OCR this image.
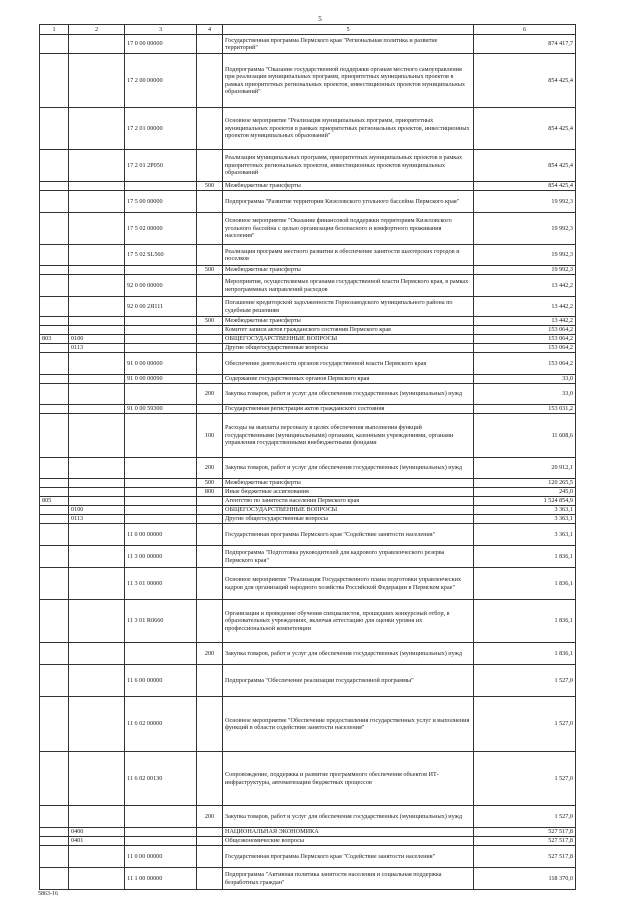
5
1	2	3	4	5	6
		17 0 00 00000		Государственная программа Пермского края "Региональная политика и развитие территорий"	874 417,7
		17 2 00 00000		Подпрограмма "Оказание государственной поддержки органам местного самоуправления при реализации муниципальных программ, приоритетных муниципальных проектов в рамках приоритетных региональных проектов, инвестиционных проектов муниципальных образований"	854 425,4
		17 2 01 00000		Основное мероприятие "Реализация муниципальных программ, приоритетных муниципальных проектов в рамках приоритетных региональных проектов, инвестиционных проектов муниципальных образований"	854 425,4
		17 2 01 2Р050		Реализация муниципальных программ, приоритетных муниципальных проектов в рамках приоритетных региональных проектов, инвестиционных проектов муниципальных образований	854 425,4
			500	Межбюджетные трансферты	854 425,4
		17 5 00 00000		Подпрограмма "Развитие территории Кизеловского угольного бассейна Пермского края"	19 992,3
		17 5 02 00000		Основное мероприятие "Оказание финансовой поддержки территориям Кизеловского угольного бассейна с целью организации безопасного и комфортного проживания населения"	19 992,3
		17 5 02 SL560		Реализация программ местного развития и обеспечение занятости шахтерских городов и поселков	19 992,3
			500	Межбюджетные трансферты	19 992,3
		92 0 00 00000		Мероприятия, осуществляемые органами государственной власти Пермского края, в рамках непрограммных направлений расходов	13 442,2
		92 0 00 2Я111		Погашение кредиторской задолженности Горнозаводского муниципального района по судебным решениям	13 442,2
			500	Межбюджетные трансферты	13 442,2
				Комитет записи актов гражданского состояния Пермского края	153 064,2
803	0100			ОБЩЕГОСУДАРСТВЕННЫЕ ВОПРОСЫ	153 064,2
	0113			Другие общегосударственные вопросы	153 064,2
		91 0 00 00000		Обеспечение деятельности органов государственной власти Пермского края	153 064,2
		91 0 00 00090		Содержание государственных органов Пермского края	33,0
			200	Закупка товаров, работ и услуг для обеспечения государственных (муниципальных) нужд	33,0
		91 0 00 59300		Государственная регистрация актов гражданского состояния	153 031,2
			100	Расходы на выплаты персоналу в целях обеспечения выполнения функций государственными (муниципальными) органами, казенными учреждениями, органами управления государственными внебюджетными фондами	11 608,6
			200	Закупка товаров, работ и услуг для обеспечения государственных (муниципальных) нужд	20 912,1
			500	Межбюджетные трансферты	120 265,5
			800	Иные бюджетные ассигнования	245,0
805				Агентство по занятости населения Пермского края	1 524 854,9
	0100			ОБЩЕГОСУДАРСТВЕННЫЕ ВОПРОСЫ	3 363,1
	0113			Другие общегосударственные вопросы	3 363,1
		11 0 00 00000		Государственная программа Пермского края "Содействие занятости населения"	3 363,1
		11 3 00 00000		Подпрограмма "Подготовка руководителей для кадрового управленческого резерва Пермского края"	1 836,1
		11 3 01 00000		Основное мероприятие "Реализация Государственного плана подготовки управленческих кадров для организаций народного хозяйства Российской Федерации в Пермском крае"	1 836,1
		11 3 01 R0660		Организация и проведение обучения специалистов, прошедших конкурсный отбор, в образовательных учреждениях, включая аттестацию для оценки уровня их профессиональной компетенции	1 836,1
			200	Закупка товаров, работ и услуг для обеспечения государственных (муниципальных) нужд	1 836,1
		11 6 00 00000		Подпрограмма "Обеспечение реализации государственной программы"	1 527,0
		11 6 02 00000		Основное мероприятие "Обеспечение предоставления государственных услуг и выполнения функций в области содействия занятости населения"	1 527,0
		11 6 02 00130		Сопровождение, поддержка и развитие программного обеспечения объектов ИТ-инфраструктуры, автоматизации бюджетных процессов	1 527,0
			200	Закупка товаров, работ и услуг для обеспечения государственных (муниципальных) нужд	1 527,0
	0400			НАЦИОНАЛЬНАЯ ЭКОНОМИКА	527 517,8
	0401			Общеэкономические вопросы	527 517,8
		11 0 00 00000		Государственная программа Пермского края "Содействие занятости населения"	527 517,8
		11 1 00 00000		Подпрограмма "Активная политика занятости населения и социальная поддержка безработных граждан"	118 370,0
5863-16
